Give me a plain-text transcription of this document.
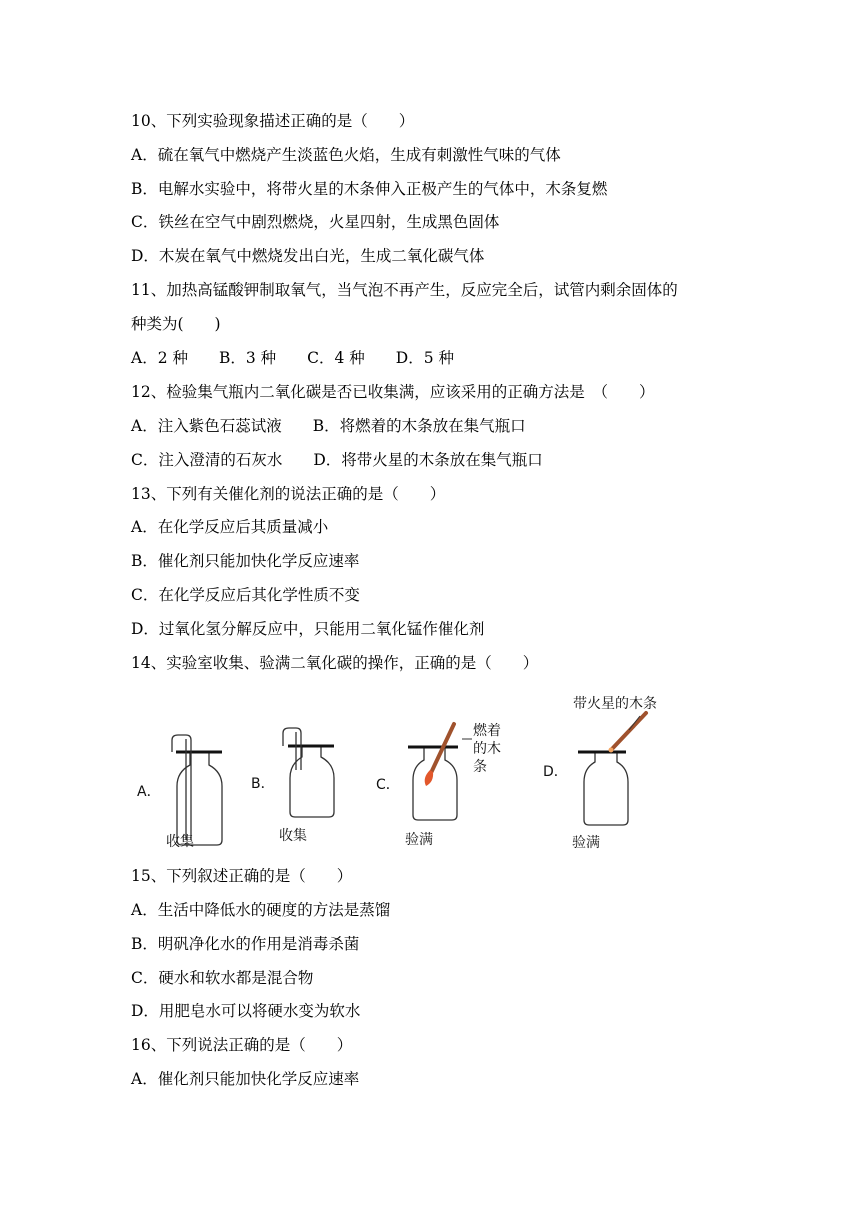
10、下列实验现象描述正确的是（　　）
A．硫在氧气中燃烧产生淡蓝色火焰，生成有刺激性气味的气体
B．电解水实验中，将带火星的木条伸入正极产生的气体中，木条复燃
C．铁丝在空气中剧烈燃烧，火星四射，生成黑色固体
D．木炭在氧气中燃烧发出白光，生成二氧化碳气体
11、加热高锰酸钾制取氧气，当气泡不再产生，反应完全后，试管内剩余固体的
种类为(　　)
A．2 种　　B．3 种　　C．4 种　　D．5 种
12、检验集气瓶内二氧化碳是否已收集满，应该采用的正确方法是　（　　）
A．注入紫色石蕊试液　　B．将燃着的木条放在集气瓶口
C．注入澄清的石灰水　　D．将带火星的木条放在集气瓶口
13、下列有关催化剂的说法正确的是（　　）
A．在化学反应后其质量减小
B．催化剂只能加快化学反应速率
C．在化学反应后其化学性质不变
D．过氧化氢分解反应中，只能用二氧化锰作催化剂
14、实验室收集、验满二氧化碳的操作，正确的是（　　）
A．	B．	C．
D．
收集	收集	验满	验满
燃着
的木
条
带火星的木条
15、下列叙述正确的是（　　）
A．生活中降低水的硬度的方法是蒸馏
B．明矾净化水的作用是消毒杀菌
C．硬水和软水都是混合物
D．用肥皂水可以将硬水变为软水
16、下列说法正确的是（　　）
A．催化剂只能加快化学反应速率
